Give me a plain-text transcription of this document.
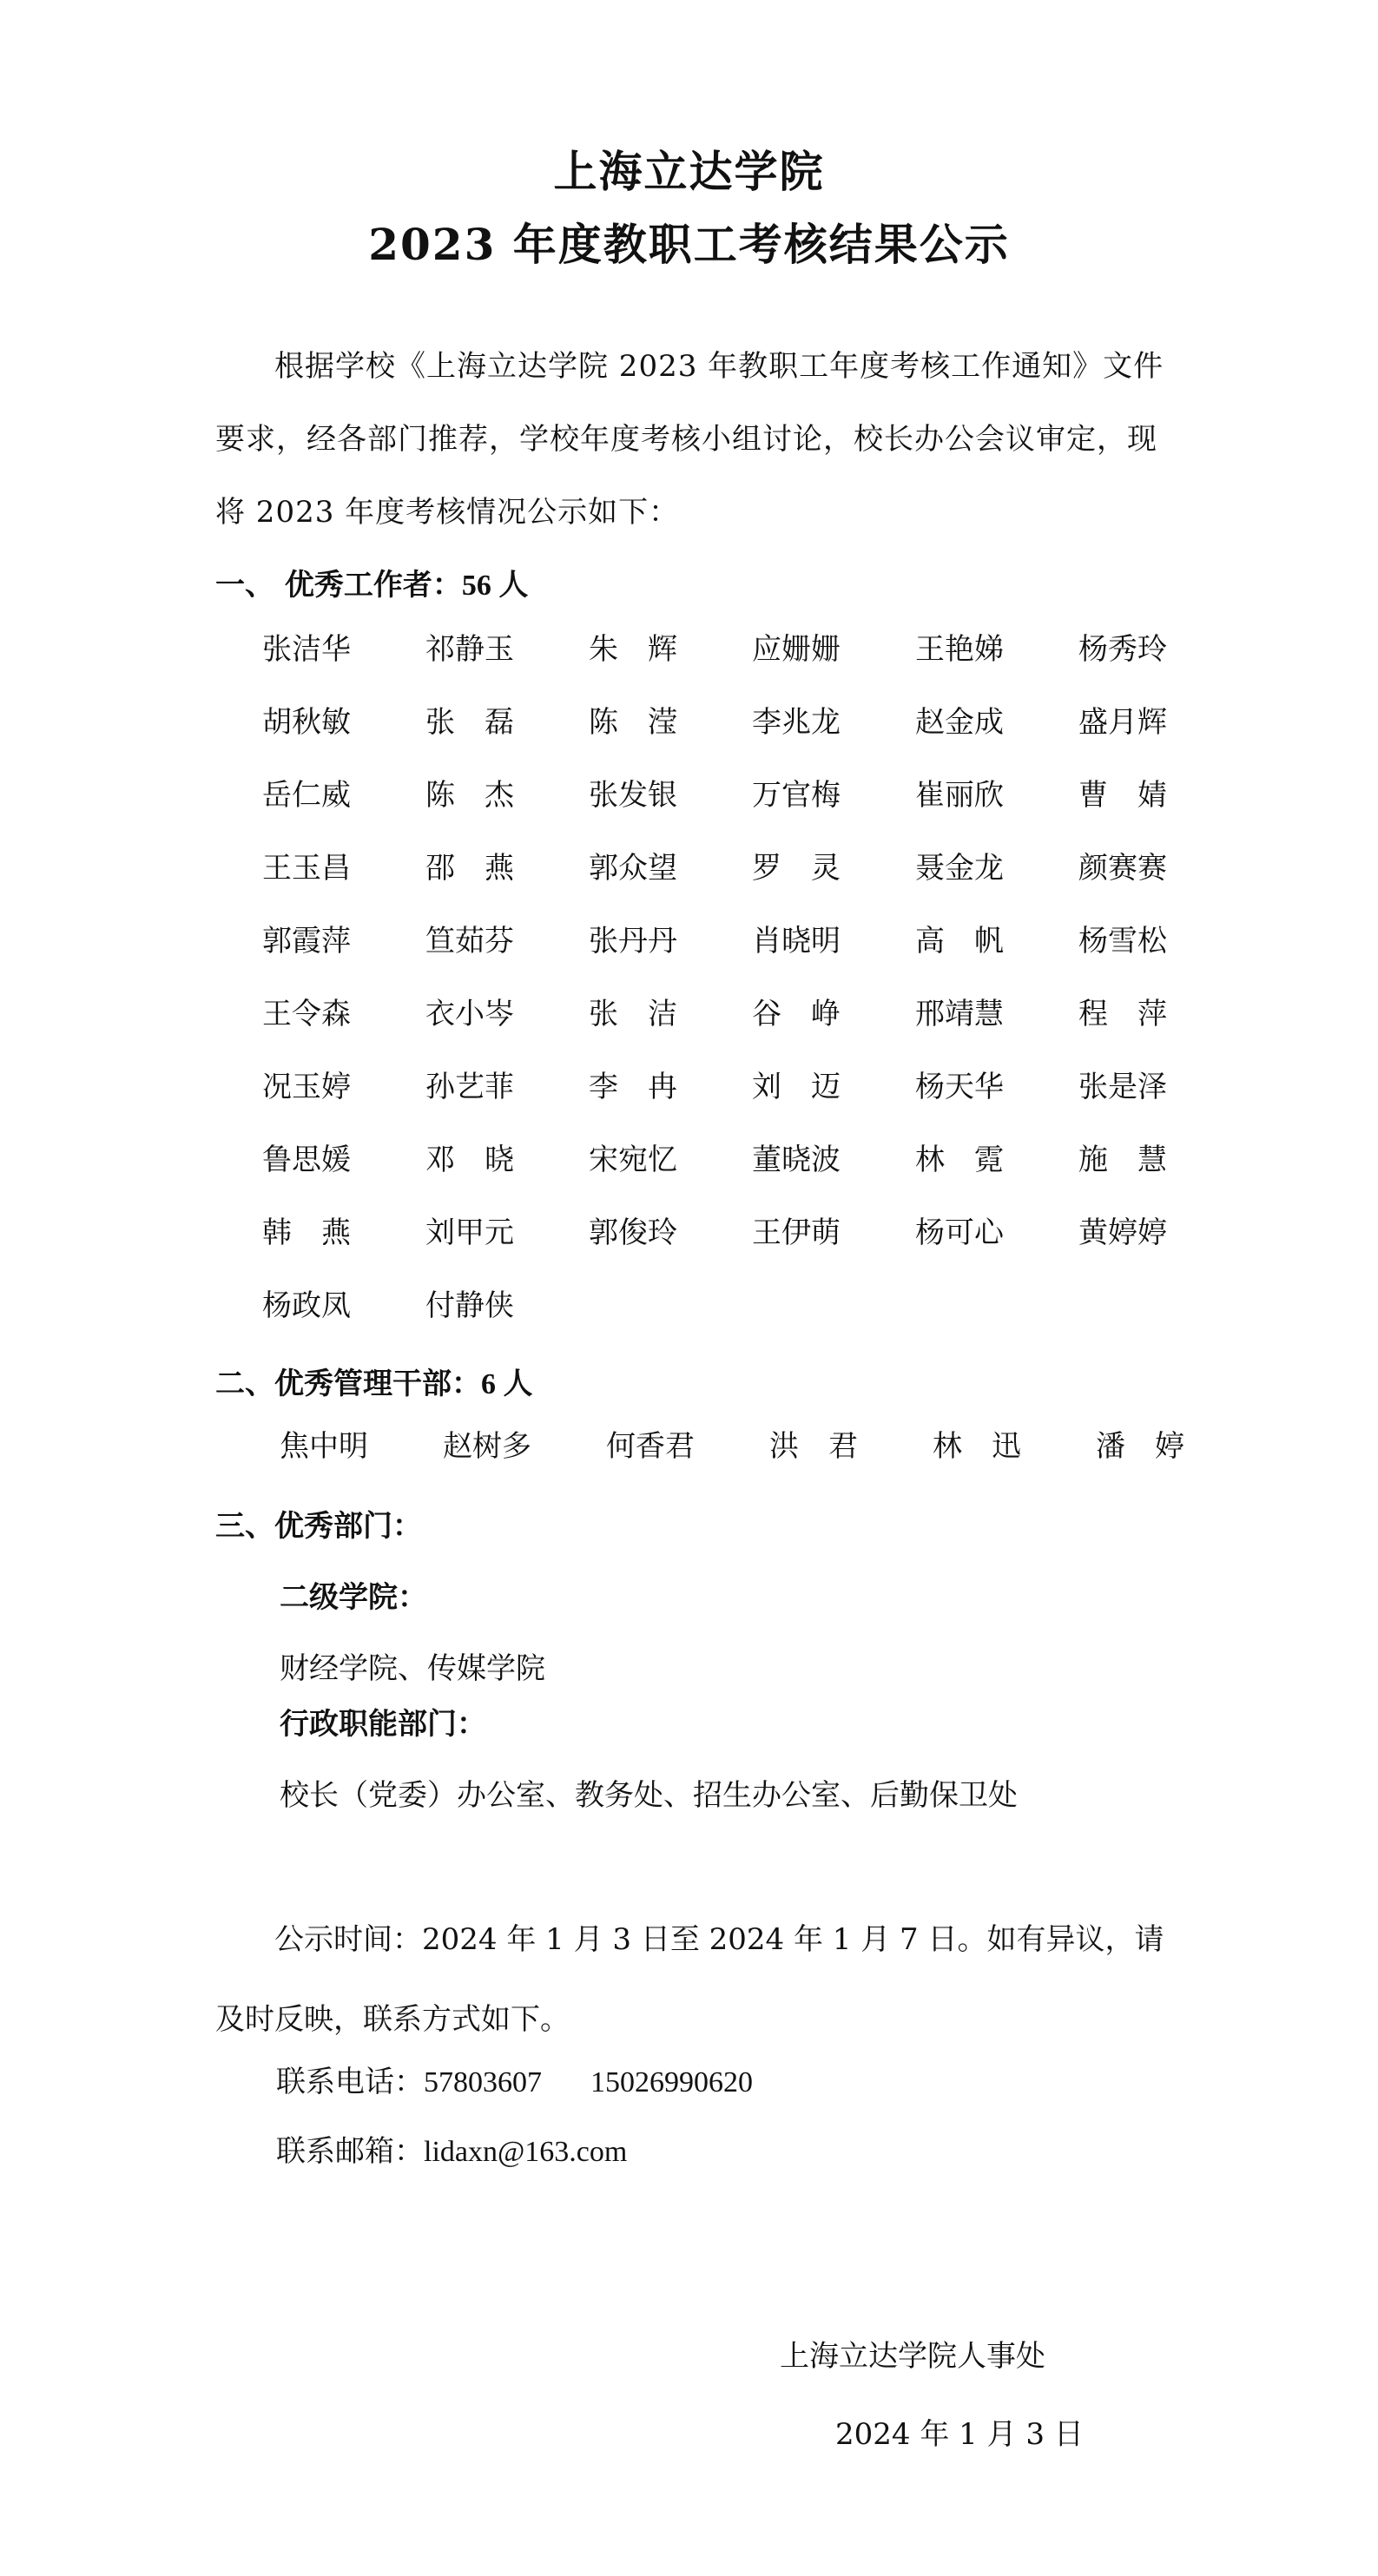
上海立达学院
2023 年度教职工考核结果公示

根据学校《上海立达学院 2023 年教职工年度考核工作通知》文件要求，经各部门推荐，学校年度考核小组讨论，校长办公会议审定，现将 2023 年度考核情况公示如下：

一、 优秀工作者：56 人
张洁华	祁静玉	朱　辉	应姗姗	王艳娣	杨秀玲
胡秋敏	张　磊	陈　滢	李兆龙	赵金成	盛月辉
岳仁威	陈　杰	张发银	万官梅	崔丽欣	曹　婧
王玉昌	邵　燕	郭众望	罗　灵	聂金龙	颜赛赛
郭霞萍	笪茹芬	张丹丹	肖晓明	高　帆	杨雪松
王令森	衣小岑	张　洁	谷　峥	邢靖慧	程　萍
况玉婷	孙艺菲	李　冉	刘　迈	杨天华	张是泽
鲁思媛	邓　晓	宋宛忆	董晓波	林　霓	施　慧
韩　燕	刘甲元	郭俊玲	王伊萌	杨可心	黄婷婷
杨政凤	付静侠
二、优秀管理干部：6 人
焦中明	赵树多	何香君	洪　君	林　迅	潘　婷
三、优秀部门：
二级学院：
财经学院、传媒学院
行政职能部门：
校长（党委）办公室、教务处、招生办公室、后勤保卫处

公示时间：2024 年 1 月 3 日至 2024 年 1 月 7 日。如有异议，请及时反映，联系方式如下。

联系电话：57803607 15026990620
联系邮箱：lidaxn@163.com
上海立达学院人事处
2024 年 1 月 3 日
